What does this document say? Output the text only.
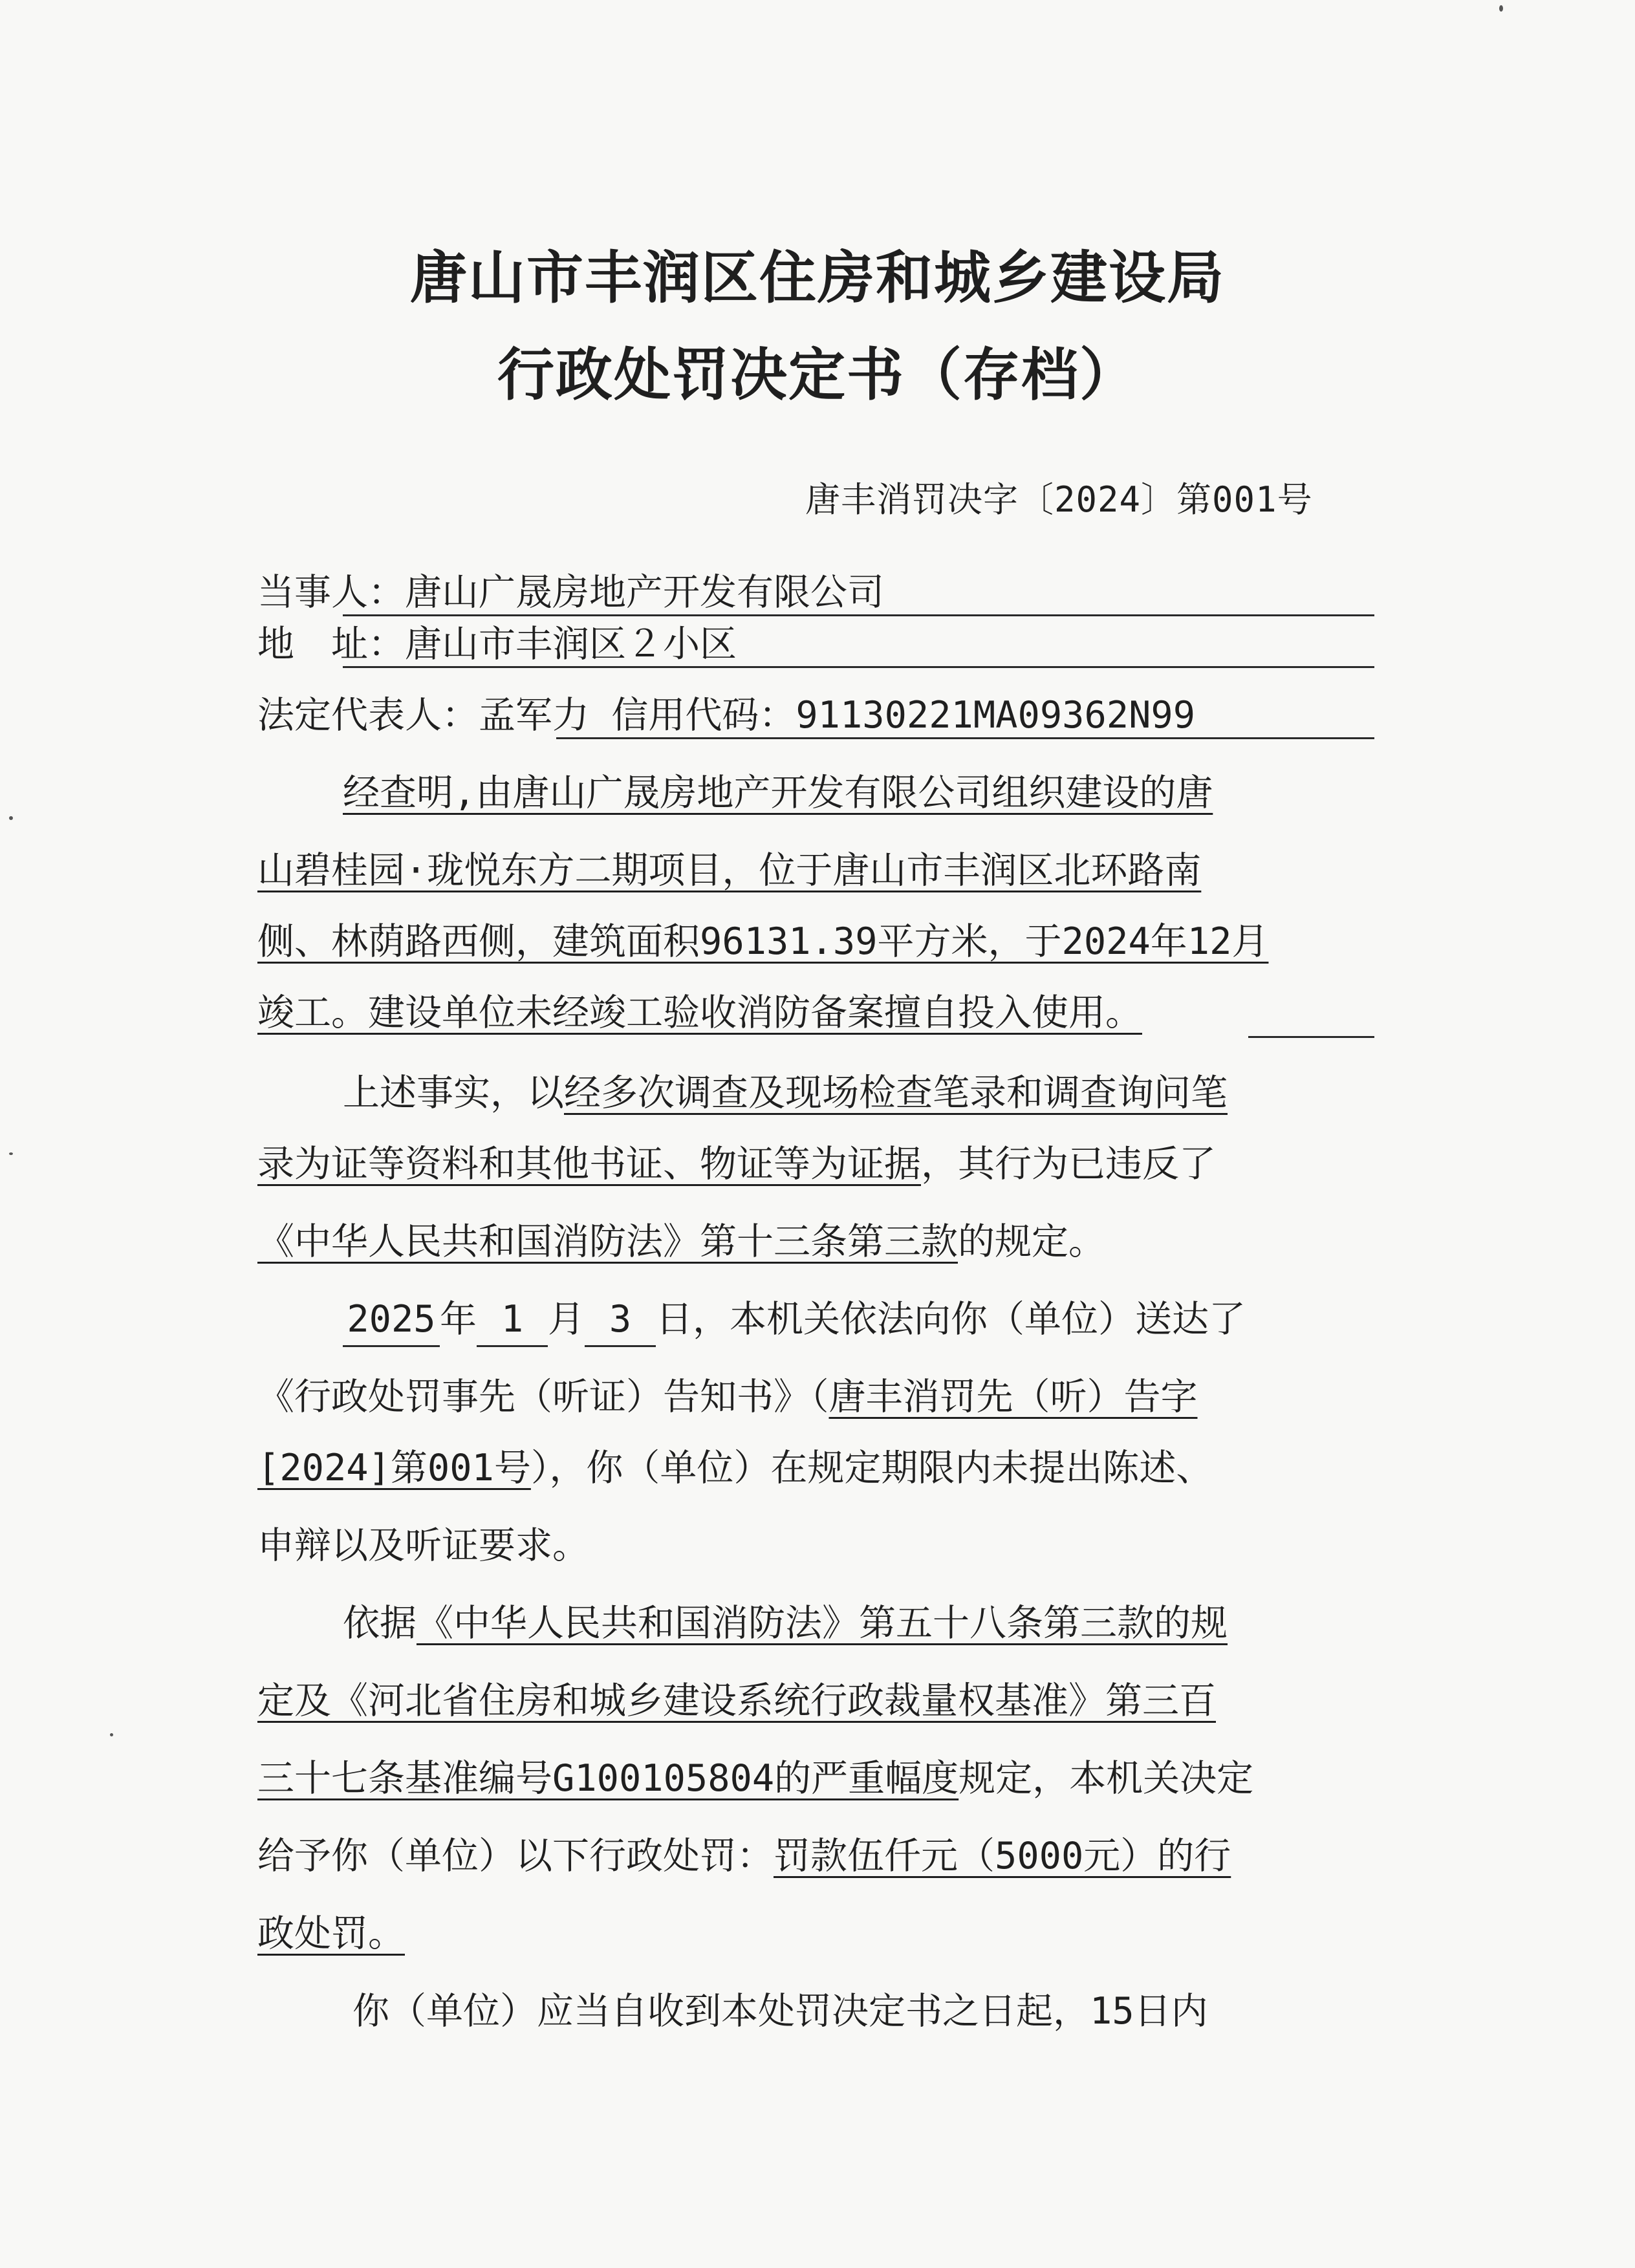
唐山市丰润区住房和城乡建设局
行政处罚决定书（存档）
唐丰消罚决字〔2024〕第001号
当事人：唐山广晟房地产开发有限公司
地　址：唐山市丰润区２小区
法定代表人：孟军力 信用代码：91130221MA09362N99
经查明,由唐山广晟房地产开发有限公司组织建设的唐
山碧桂园·珑悦东方二期项目，位于唐山市丰润区北环路南
侧、林荫路西侧，建筑面积96131.39平方米，于2024年12月
竣工。建设单位未经竣工验收消防备案擅自投入使用。
上述事实，以经多次调查及现场检查笔录和调查询问笔
录为证等资料和其他书证、物证等为证据，其行为已违反了
《中华人民共和国消防法》第十三条第三款的规定。
2025 年 1 月 3 日，本机关依法向你（单位）送达了
《行政处罚事先（听证）告知书》（唐丰消罚先（听）告字
[2024]第001号），你（单位）在规定期限内未提出陈述、
申辩以及听证要求。
依据《中华人民共和国消防法》第五十八条第三款的规
定及《河北省住房和城乡建设系统行政裁量权基准》第三百
三十七条基准编号G100105804的严重幅度规定，本机关决定
给予你（单位）以下行政处罚：罚款伍仟元（5000元）的行
政处罚。
你（单位）应当自收到本处罚决定书之日起，15日内
